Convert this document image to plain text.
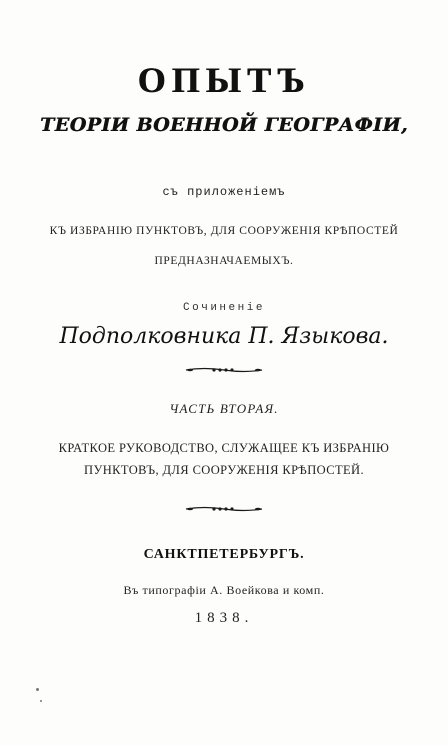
ОПЫТЪ
ТЕОРІИ ВОЕННОЙ ГЕОГРАФІИ,
съ приложеніемъ
КЪ ИЗБРАНІЮ ПУНКТОВЪ, ДЛЯ СООРУЖЕНІЯ КРѢПОСТЕЙ
ПРЕДНАЗНАЧАЕМЫХЪ.
Сочиненіе
Подполковника П. Языкова.
ЧАСТЬ ВТОРАЯ.
КРАТКОЕ РУКОВОДСТВО, СЛУЖАЩЕЕ КЪ ИЗБРАНІЮ
ПУНКТОВЪ, ДЛЯ СООРУЖЕНІЯ КРѢПОСТЕЙ.
САНКТПЕТЕРБУРГЪ.
Въ типографіи А. Воейкова и комп.
1838.
